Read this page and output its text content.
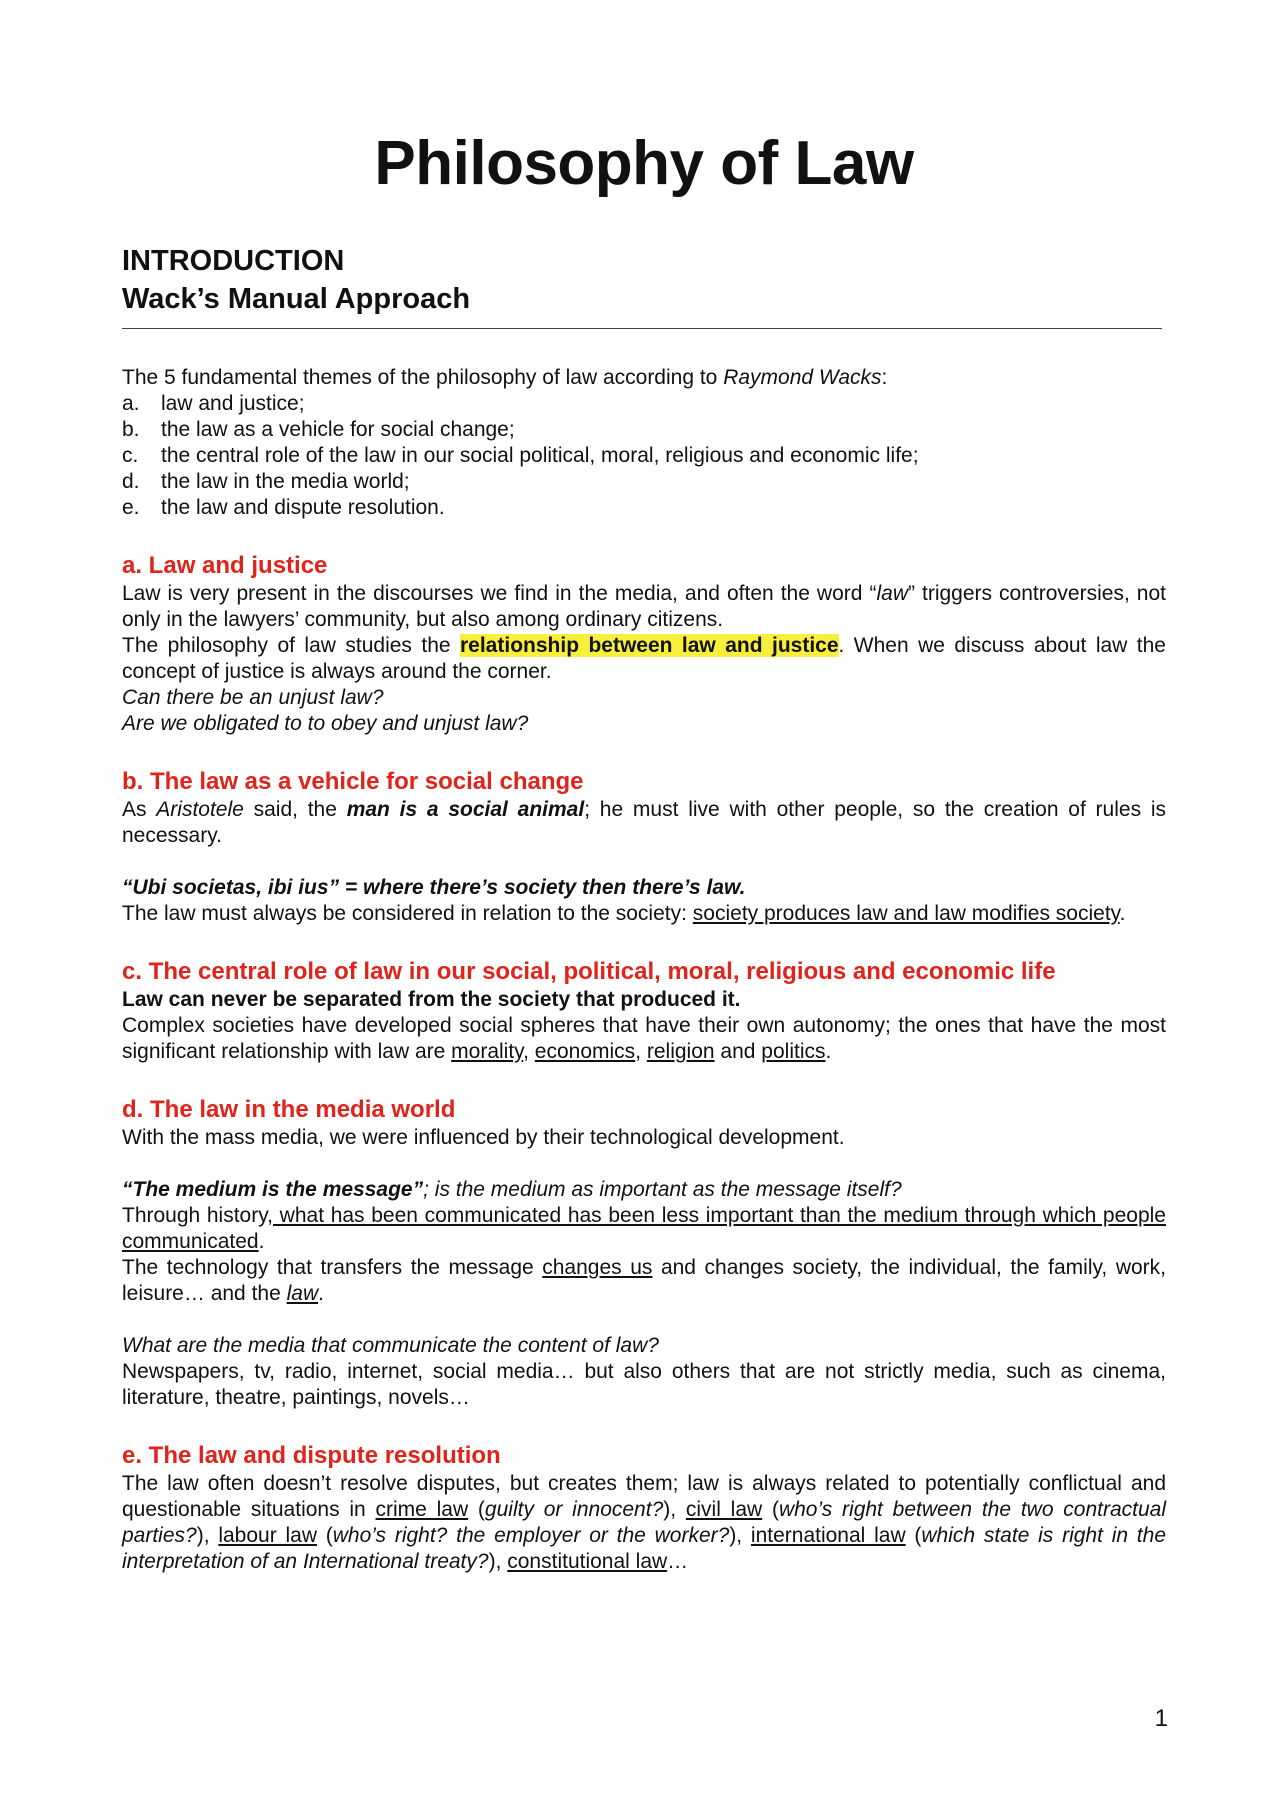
Philosophy of Law
INTRODUCTION
Wack’s Manual Approach

The 5 fundamental themes of the philosophy of law according to Raymond Wacks:

a.	law and justice;
b.	the law as a vehicle for social change;
c.	the central role of the law in our social political, moral, religious and economic life;
d.	the law in the media world;
e.	the law and dispute resolution.
a. Law and justice

Law is very present in the discourses we find in the media, and often the word “law” triggers controversies, not only in the lawyers’ community, but also among ordinary citizens.

The philosophy of law studies the relationship between law and justice. When we discuss about law the concept of justice is always around the corner.

Can there be an unjust law?

Are we obligated to to obey and unjust law?

b. The law as a vehicle for social change

As Aristotele said, the man is a social animal; he must live with other people, so the creation of rules is necessary.

“Ubi societas, ibi ius” = where there’s society then there’s law.

The law must always be considered in relation to the society: society produces law and law modifies society.

c. The central role of law in our social, political, moral, religious and economic life

Law can never be separated from the society that produced it.

Complex societies have developed social spheres that have their own autonomy; the ones that have the most significant relationship with law are morality, economics, religion and politics.

d. The law in the media world

With the mass media, we were influenced by their technological development.

“The medium is the message”; is the medium as important as the message itself?

Through history, what has been communicated has been less important than the medium through which people communicated.

The technology that transfers the message changes us and changes society, the individual, the family, work, leisure… and the law.

What are the media that communicate the content of law?

Newspapers, tv, radio, internet, social media… but also others that are not strictly media, such as cinema, literature, theatre, paintings, novels…

e. The law and dispute resolution

The law often doesn’t resolve disputes, but creates them; law is always related to potentially conflictual and questionable situations in crime law (guilty or innocent?), civil law (who’s right between the two contractual parties?), labour law (who’s right? the employer or the worker?), international law (which state is right in the interpretation of an International treaty?), constitutional law…

1
